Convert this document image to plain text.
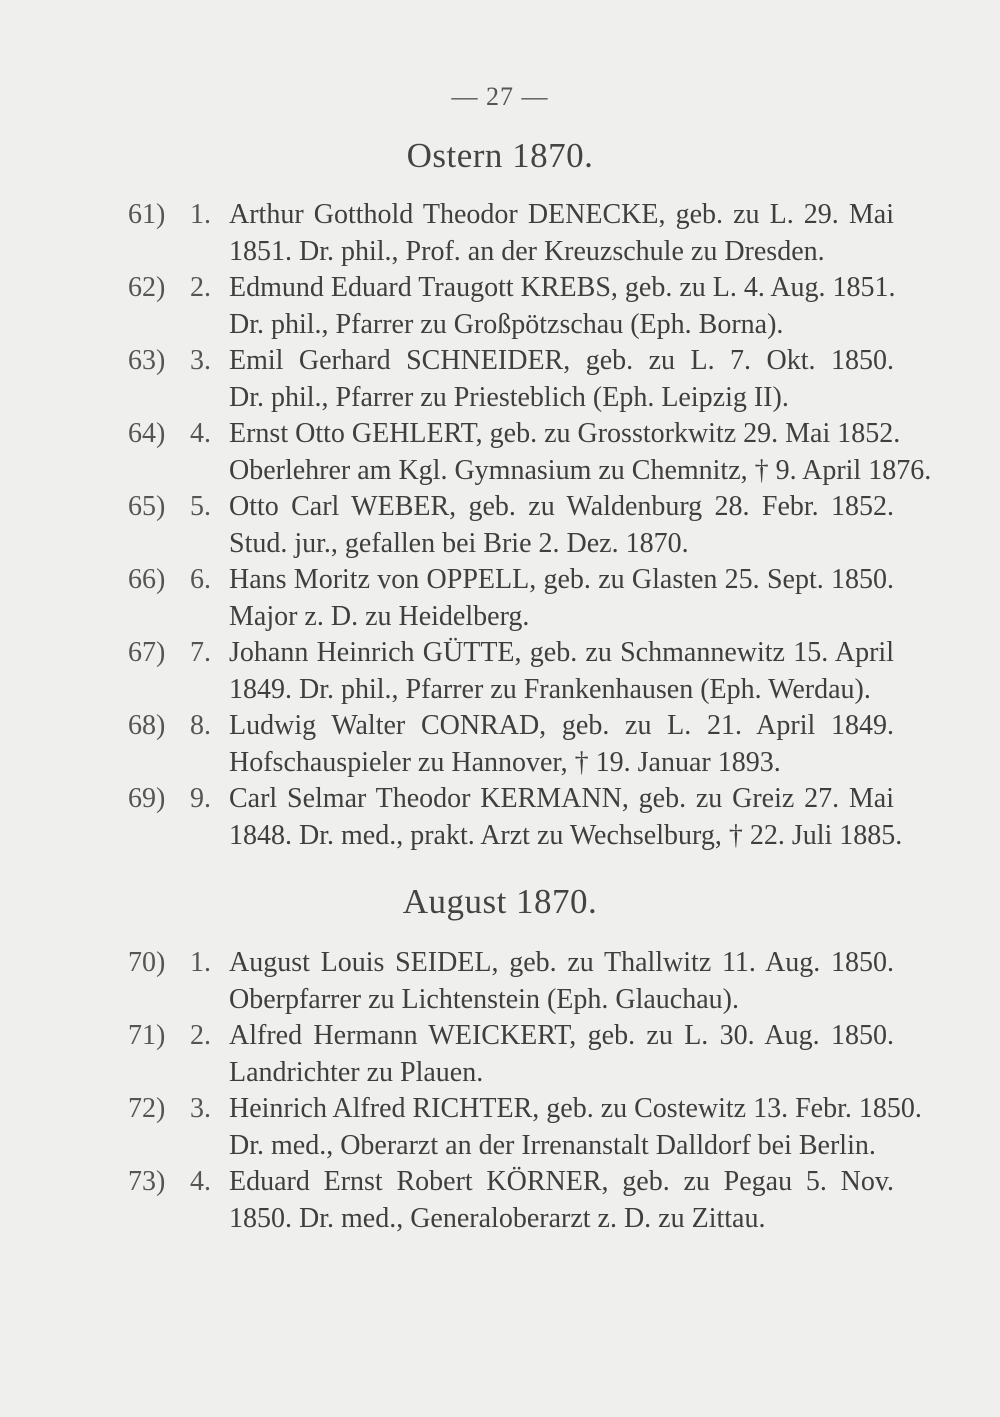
— 27 —
Ostern 1870.
61) 1. Arthur Gotthold Theodor DENECKE, geb. zu L. 29. Mai
1851. Dr. phil., Prof. an der Kreuzschule zu Dresden.
62) 2. Edmund Eduard Traugott KREBS, geb. zu L. 4. Aug. 1851.
Dr. phil., Pfarrer zu Großpötzschau (Eph. Borna).
63) 3. Emil Gerhard SCHNEIDER, geb. zu L. 7. Okt. 1850.
Dr. phil., Pfarrer zu Priesteblich (Eph. Leipzig II).
64) 4. Ernst Otto GEHLERT, geb. zu Grosstorkwitz 29. Mai 1852.
Oberlehrer am Kgl. Gymnasium zu Chemnitz, † 9. April 1876.
65) 5. Otto Carl WEBER, geb. zu Waldenburg 28. Febr. 1852.
Stud. jur., gefallen bei Brie 2. Dez. 1870.
66) 6. Hans Moritz von OPPELL, geb. zu Glasten 25. Sept. 1850.
Major z. D. zu Heidelberg.
67) 7. Johann Heinrich GÜTTE, geb. zu Schmannewitz 15. April
1849. Dr. phil., Pfarrer zu Frankenhausen (Eph. Werdau).
68) 8. Ludwig Walter CONRAD, geb. zu L. 21. April 1849.
Hofschauspieler zu Hannover, † 19. Januar 1893.
69) 9. Carl Selmar Theodor KERMANN, geb. zu Greiz 27. Mai
1848. Dr. med., prakt. Arzt zu Wechselburg, † 22. Juli 1885.
August 1870.
70) 1. August Louis SEIDEL, geb. zu Thallwitz 11. Aug. 1850.
Oberpfarrer zu Lichtenstein (Eph. Glauchau).
71) 2. Alfred Hermann WEICKERT, geb. zu L. 30. Aug. 1850.
Landrichter zu Plauen.
72) 3. Heinrich Alfred RICHTER, geb. zu Costewitz 13. Febr. 1850.
Dr. med., Oberarzt an der Irrenanstalt Dalldorf bei Berlin.
73) 4. Eduard Ernst Robert KÖRNER, geb. zu Pegau 5. Nov.
1850. Dr. med., Generaloberarzt z. D. zu Zittau.
